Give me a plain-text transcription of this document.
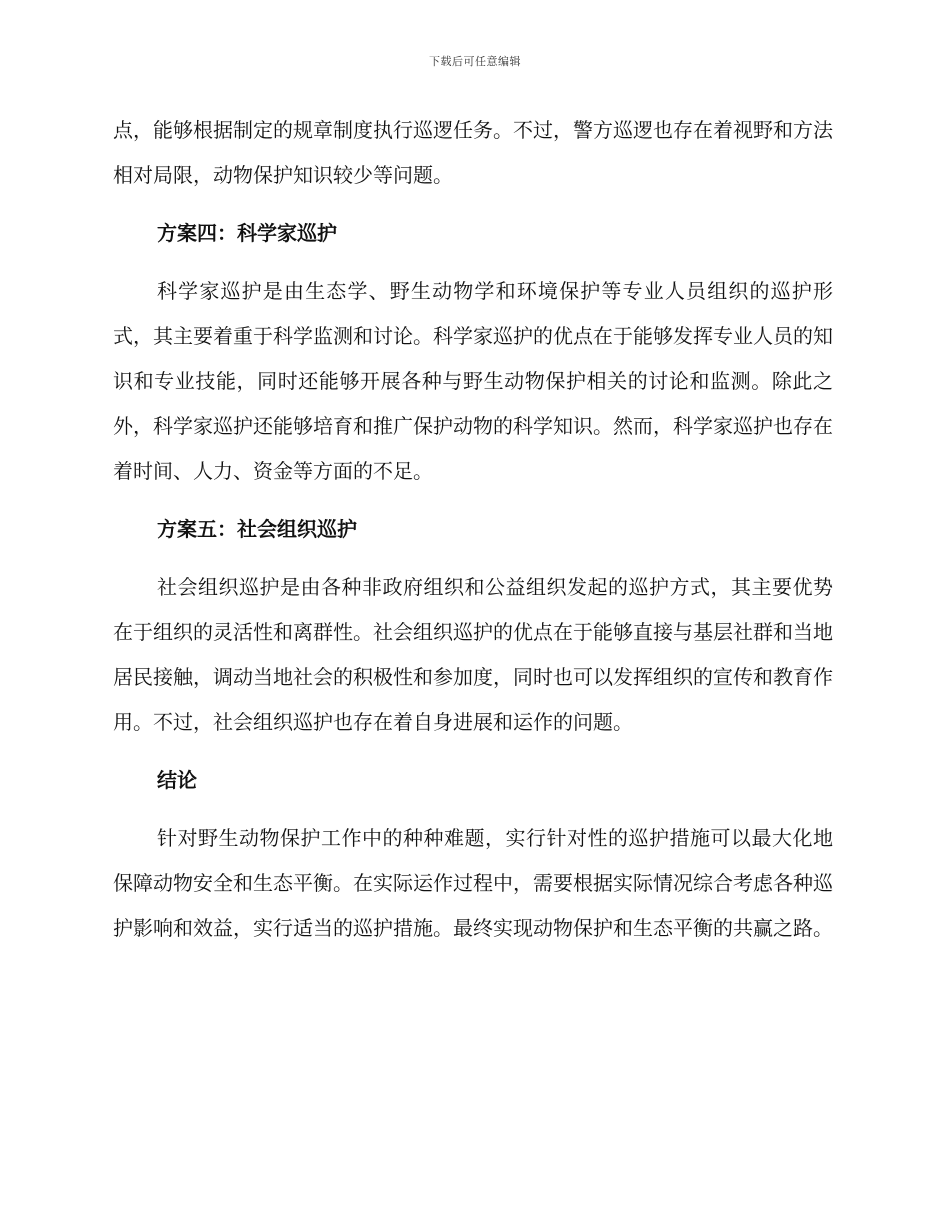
下载后可任意编辑

点，能够根据制定的规章制度执行巡逻任务。不过，警方巡逻也存在着视野和方法相对局限，动物保护知识较少等问题。

方案四：科学家巡护

科学家巡护是由生态学、野生动物学和环境保护等专业人员组织的巡护形式，其主要着重于科学监测和讨论。科学家巡护的优点在于能够发挥专业人员的知识和专业技能，同时还能够开展各种与野生动物保护相关的讨论和监测。除此之外，科学家巡护还能够培育和推广保护动物的科学知识。然而，科学家巡护也存在着时间、人力、资金等方面的不足。

方案五：社会组织巡护

社会组织巡护是由各种非政府组织和公益组织发起的巡护方式，其主要优势在于组织的灵活性和离群性。社会组织巡护的优点在于能够直接与基层社群和当地居民接触，调动当地社会的积极性和参加度，同时也可以发挥组织的宣传和教育作用。不过，社会组织巡护也存在着自身进展和运作的问题。

结论

针对野生动物保护工作中的种种难题，实行针对性的巡护措施可以最大化地保障动物安全和生态平衡。在实际运作过程中，需要根据实际情况综合考虑各种巡护影响和效益，实行适当的巡护措施。最终实现动物保护和生态平衡的共赢之路。
